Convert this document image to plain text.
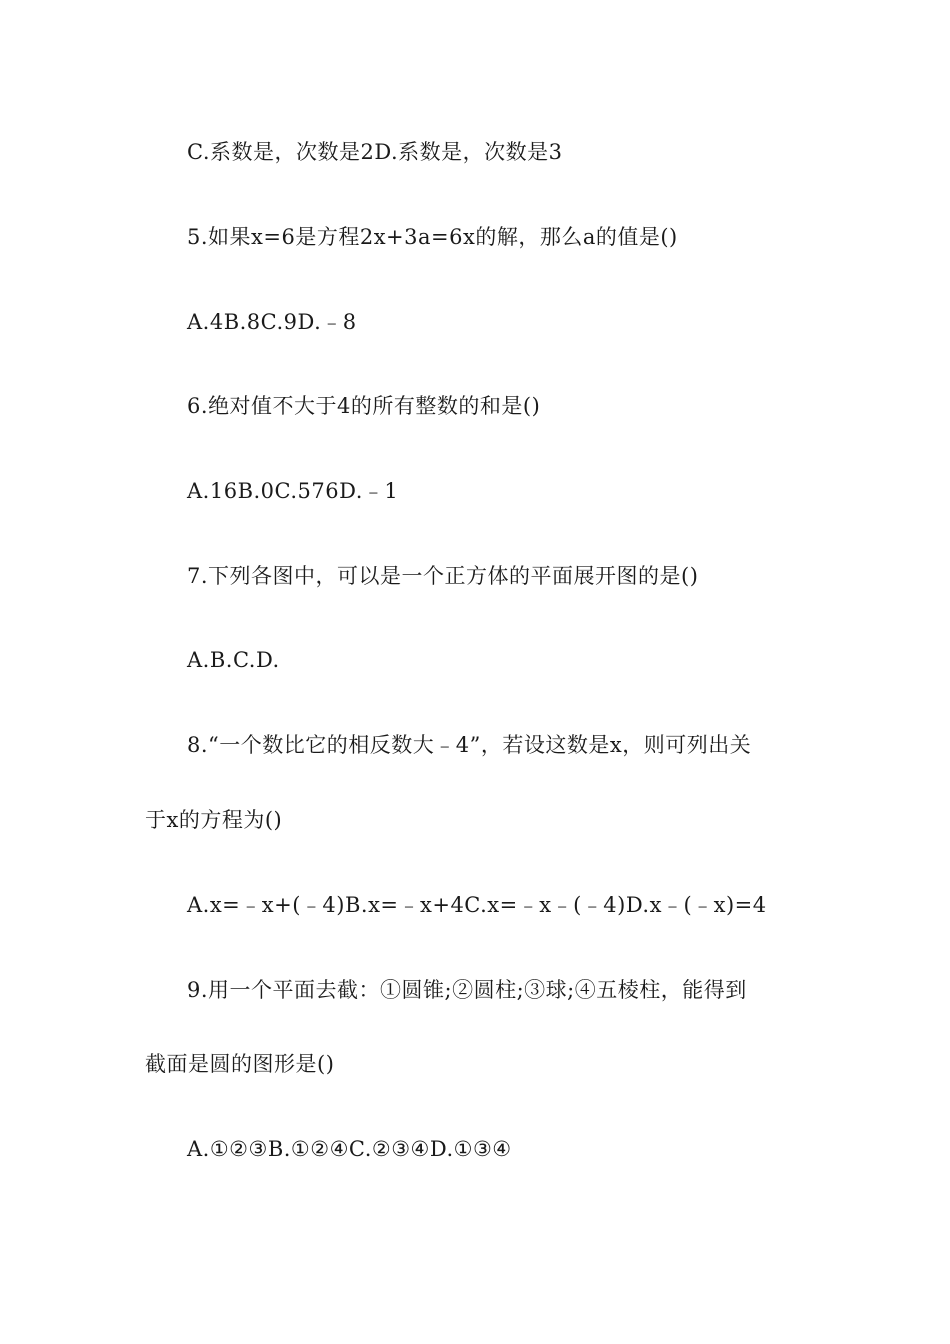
C.系数是，次数是2D.系数是，次数是3

5.如果x=6是方程2x+3a=6x的解，那么a的值是()

A.4B.8C.9D.﹣8

6.绝对值不大于4的所有整数的和是()

A.16B.0C.576D.﹣1

7.下列各图中，可以是一个正方体的平面展开图的是()

A.B.C.D.

8.“一个数比它的相反数大﹣4”，若设这数是x，则可列出关

于x的方程为()

A.x=﹣x+(﹣4)B.x=﹣x+4C.x=﹣x﹣(﹣4)D.x﹣(﹣x)=4

9.用一个平面去截：①圆锥;②圆柱;③球;④五棱柱，能得到

截面是圆的图形是()

A.①②③B.①②④C.②③④D.①③④
